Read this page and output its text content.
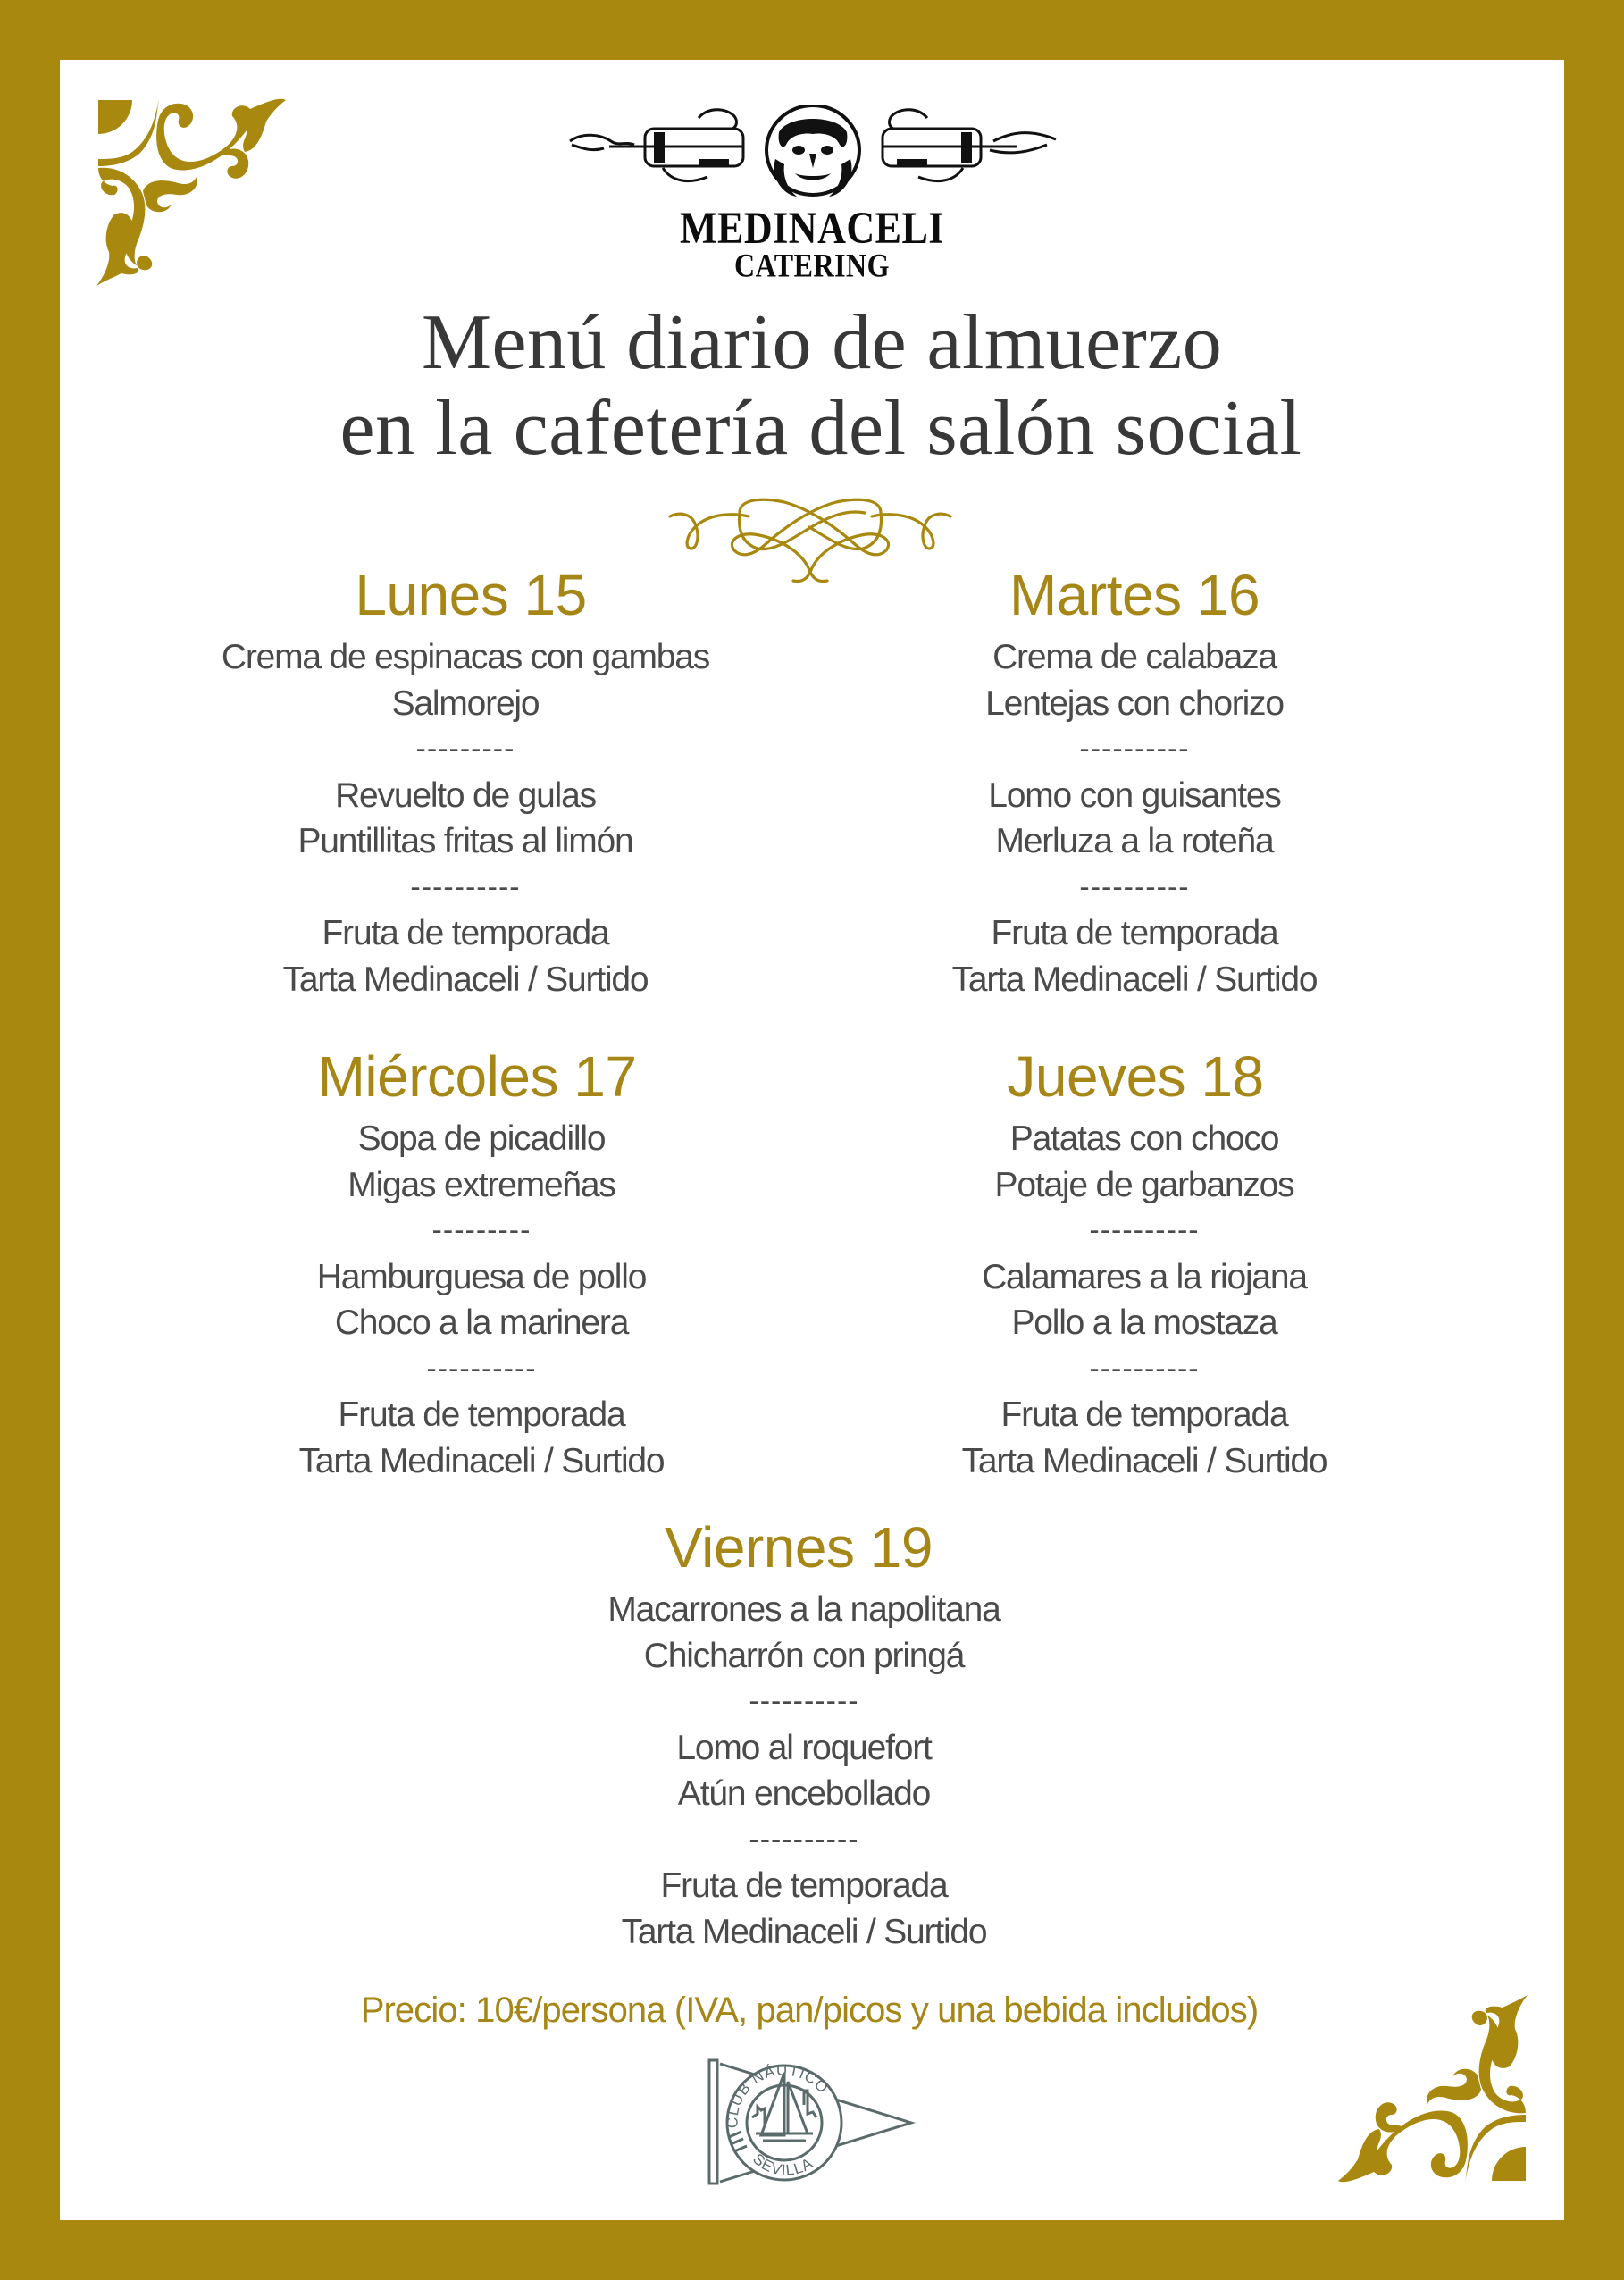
MEDINACELI
CATERING
Menú diario de almuerzo
en la cafetería del salón social
Lunes 15
Crema de espinacas con gambas
Salmorejo
---------
Revuelto de gulas
Puntillitas fritas al limón
----------
Fruta de temporada
Tarta Medinaceli / Surtido
Martes 16
Crema de calabaza
Lentejas con chorizo
----------
Lomo con guisantes
Merluza a la roteña
----------
Fruta de temporada
Tarta Medinaceli / Surtido
Miércoles 17
Sopa de picadillo
Migas extremeñas
---------
Hamburguesa de pollo
Choco a la marinera
----------
Fruta de temporada
Tarta Medinaceli / Surtido
Jueves 18
Patatas con choco
Potaje de garbanzos
----------
Calamares a la riojana
Pollo a la mostaza
----------
Fruta de temporada
Tarta Medinaceli / Surtido
Viernes 19
Macarrones a la napolitana
Chicharrón con pringá
----------
Lomo al roquefort
Atún encebollado
----------
Fruta de temporada
Tarta Medinaceli / Surtido
Precio: 10€/persona (IVA, pan/picos y una bebida incluidos)
CLUB NÁUTICO
SEVILLA
